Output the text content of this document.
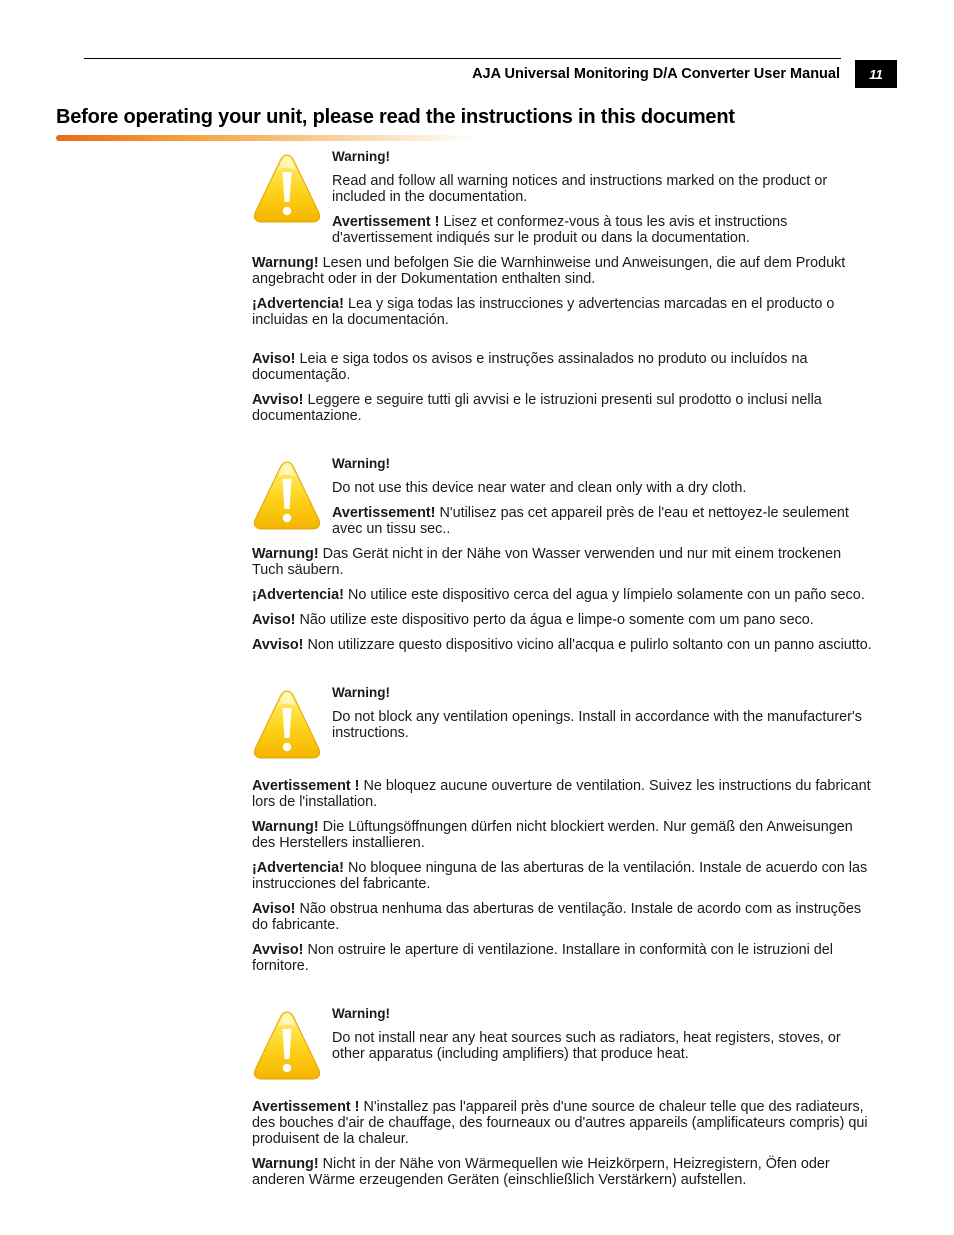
AJA Universal Monitoring D/A Converter User Manual 11
Before operating your unit, please read the instructions in this document
Warning!

Read and follow all warning notices and instructions marked on the product or included in the documentation.

Avertissement ! Lisez et conformez-vous à tous les avis et instructions d'avertissement indiqués sur le produit ou dans la documentation.

Warnung! Lesen und befolgen Sie die Warnhinweise und Anweisungen, die auf dem Produkt angebracht oder in der Dokumentation enthalten sind.

¡Advertencia! Lea y siga todas las instrucciones y advertencias marcadas en el producto o incluidas en la documentación.

Aviso! Leia e siga todos os avisos e instruções assinalados no produto ou incluídos na documentação.

Avviso! Leggere e seguire tutti gli avvisi e le istruzioni presenti sul prodotto o inclusi nella documentazione.

Warning!

Do not use this device near water and clean only with a dry cloth.

Avertissement! N'utilisez pas cet appareil près de l'eau et nettoyez-le seulement avec un tissu sec..

Warnung! Das Gerät nicht in der Nähe von Wasser verwenden und nur mit einem trockenen Tuch säubern.

¡Advertencia! No utilice este dispositivo cerca del agua y límpielo solamente con un paño seco.

Aviso! Não utilize este dispositivo perto da água e limpe-o somente com um pano seco.

Avviso! Non utilizzare questo dispositivo vicino all'acqua e pulirlo soltanto con un panno asciutto.

Warning!

Do not block any ventilation openings. Install in accordance with the manufacturer's instructions.

Avertissement ! Ne bloquez aucune ouverture de ventilation. Suivez les instructions du fabricant lors de l'installation.

Warnung! Die Lüftungsöffnungen dürfen nicht blockiert werden. Nur gemäß den Anweisungen des Herstellers installieren.

¡Advertencia! No bloquee ninguna de las aberturas de la ventilación. Instale de acuerdo con las instrucciones del fabricante.

Aviso! Não obstrua nenhuma das aberturas de ventilação. Instale de acordo com as instruções do fabricante.

Avviso! Non ostruire le aperture di ventilazione. Installare in conformità con le istruzioni del fornitore.

Warning!

Do not install near any heat sources such as radiators, heat registers, stoves, or other apparatus (including amplifiers) that produce heat.

Avertissement ! N'installez pas l'appareil près d'une source de chaleur telle que des radiateurs, des bouches d'air de chauffage, des fourneaux ou d'autres appareils (amplificateurs compris) qui produisent de la chaleur.

Warnung! Nicht in der Nähe von Wärmequellen wie Heizkörpern, Heizregistern, Öfen oder anderen Wärme erzeugenden Geräten (einschließlich Verstärkern) aufstellen.
